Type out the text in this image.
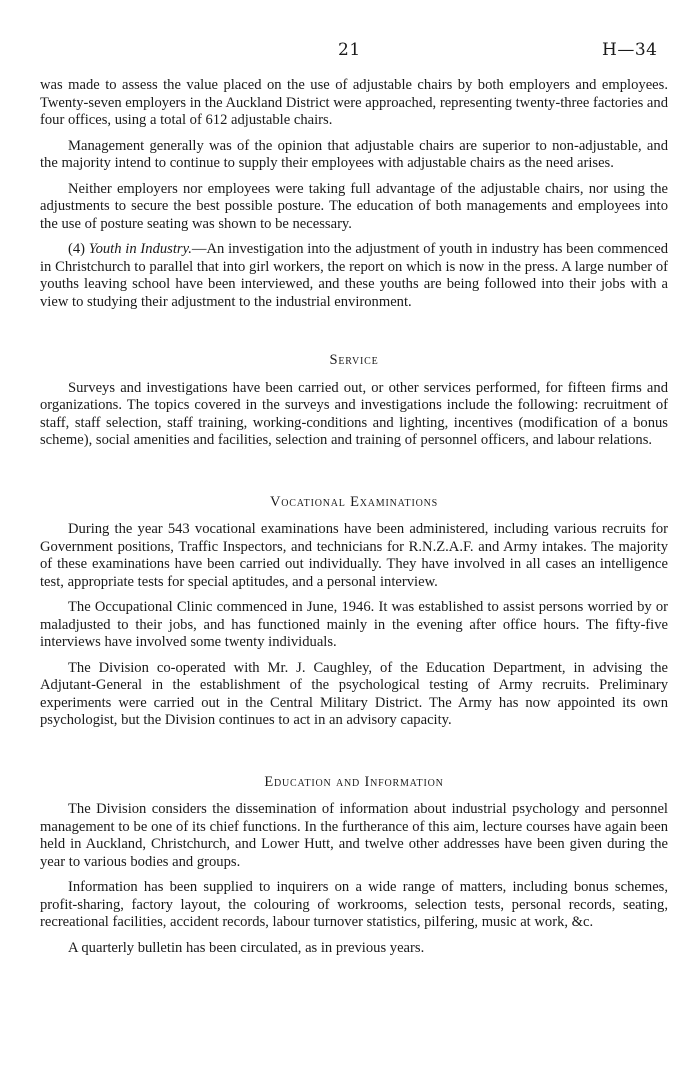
21	H—34

was made to assess the value placed on the use of adjustable chairs by both employers and employees. Twenty-seven employers in the Auckland District were approached, representing twenty-three factories and four offices, using a total of 612 adjustable chairs.

Management generally was of the opinion that adjustable chairs are superior to non-adjustable, and the majority intend to continue to supply their employees with adjustable chairs as the need arises.

Neither employers nor employees were taking full advantage of the adjustable chairs, nor using the adjustments to secure the best possible posture. The education of both managements and employees into the use of posture seating was shown to be necessary.

(4) Youth in Industry.—An investigation into the adjustment of youth in industry has been commenced in Christchurch to parallel that into girl workers, the report on which is now in the press. A large number of youths leaving school have been interviewed, and these youths are being followed into their jobs with a view to studying their adjustment to the industrial environment.

Service

Surveys and investigations have been carried out, or other services performed, for fifteen firms and organizations. The topics covered in the surveys and investigations include the following: recruitment of staff, staff selection, staff training, working-conditions and lighting, incentives (modification of a bonus scheme), social amenities and facilities, selection and training of personnel officers, and labour relations.

Vocational Examinations

During the year 543 vocational examinations have been administered, including various recruits for Government positions, Traffic Inspectors, and technicians for R.N.Z.A.F. and Army intakes. The majority of these examinations have been carried out individually. They have involved in all cases an intelligence test, appropriate tests for special aptitudes, and a personal interview.

The Occupational Clinic commenced in June, 1946. It was established to assist persons worried by or maladjusted to their jobs, and has functioned mainly in the evening after office hours. The fifty-five interviews have involved some twenty individuals.

The Division co-operated with Mr. J. Caughley, of the Education Department, in advising the Adjutant-General in the establishment of the psychological testing of Army recruits. Preliminary experiments were carried out in the Central Military District. The Army has now appointed its own psychologist, but the Division continues to act in an advisory capacity.

Education and Information

The Division considers the dissemination of information about industrial psychology and personnel management to be one of its chief functions. In the furtherance of this aim, lecture courses have again been held in Auckland, Christchurch, and Lower Hutt, and twelve other addresses have been given during the year to various bodies and groups.

Information has been supplied to inquirers on a wide range of matters, including bonus schemes, profit-sharing, factory layout, the colouring of workrooms, selection tests, personal records, seating, recreational facilities, accident records, labour turnover statistics, pilfering, music at work, &c.

A quarterly bulletin has been circulated, as in previous years.
